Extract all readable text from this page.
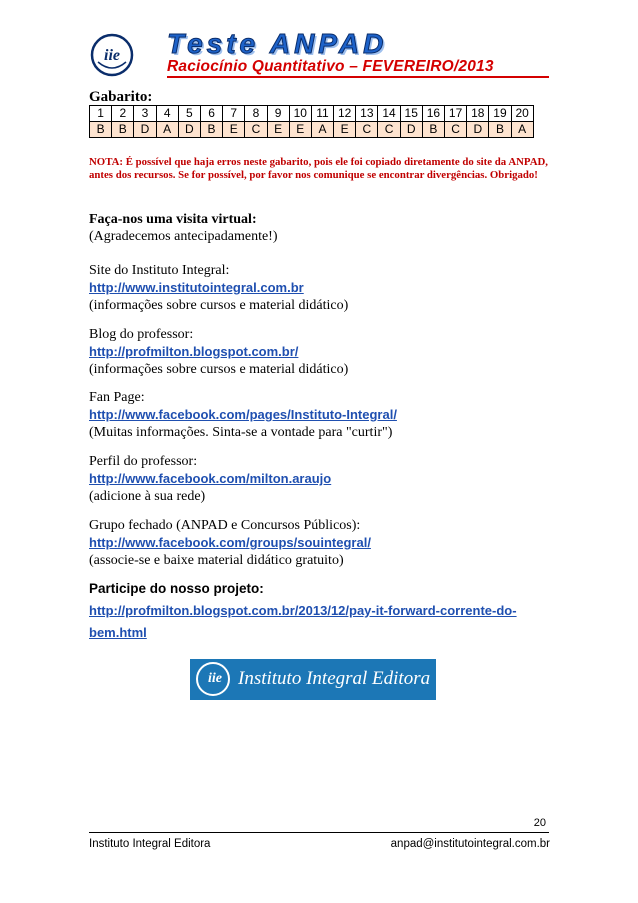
iie Teste ANPAD
Raciocínio Quantitativo – FEVEREIRO/2013
Gabarito:
1	2	3	4	5	6	7	8	9	10	11	12	13	14	15	16	17	18	19	20
B	B	D	A	D	B	E	C	E	E	A	E	C	C	D	B	C	D	B	A
NOTA: É possível que haja erros neste gabarito, pois ele foi copiado diretamente do site da ANPAD, antes dos recursos. Se for possível, por favor nos comunique se encontrar divergências. Obrigado!
Faça-nos uma visita virtual:
(Agradecemos antecipadamente!)
Site do Instituto Integral:
http://www.institutointegral.com.br
(informações sobre cursos e material didático)
Blog do professor:
http://profmilton.blogspot.com.br/
(informações sobre cursos e material didático)
Fan Page:
http://www.facebook.com/pages/Instituto-Integral/
(Muitas informações. Sinta-se a vontade para "curtir")
Perfil do professor:
http://www.facebook.com/milton.araujo
(adicione à sua rede)
Grupo fechado (ANPAD e Concursos Públicos):
http://www.facebook.com/groups/souintegral/
(associe-se e baixe material didático gratuito)
Participe do nosso projeto:
http://profmilton.blogspot.com.br/2013/12/pay-it-forward-corrente-do-
bem.html
iie Instituto Integral Editora
20
Instituto Integral Editora	anpad@institutointegral.com.br
